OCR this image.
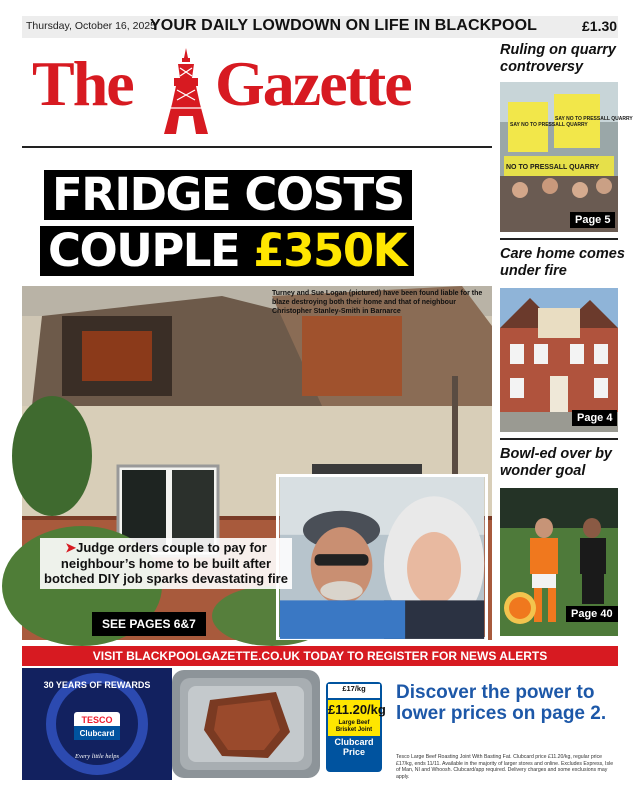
Thursday, October 16, 2025
YOUR DAILY LOWDOWN ON LIFE IN BLACKPOOL	£1.30
The Gazette
FRIDGE COSTS
COUPLE £350K
Turney and Sue Logan (pictured) have been found liable for the blaze destroying both their home and that of neighbour Christopher Stanley-Smith in Barnarce
➤Judge orders couple to pay for neighbour’s home to be built after botched DIY job sparks devastating fire
SEE PAGES 6&7
Ruling on quarry controversy
SAY NO TO PRESSALL QUARRY
SAY NO TO PRESSALL QUARRY
NO TO PRESSALL QUARRY
Page 5
Care home comes under fire
Page 4
Bowl-ed over by wonder goal
Page 40
VISIT BLACKPOOLGAZETTE.CO.UK TODAY TO REGISTER FOR NEWS ALERTS
30 YEARS OF REWARDS
TESCO
Clubcard
Every little helps
£17/kg
£11.20/kg
Large Beef Brisket Joint
Clubcard Price
Discover the power to lower prices on page 2.
Tesco Large Beef Roasting Joint With Basting Fat. Clubcard price £11.20/kg, regular price £17/kg, ends 11/11. Available in the majority of larger stores and online. Excludes Express, Isle of Man, NI and Whoosh. Clubcard/app required. Delivery charges and some exclusions may apply.
